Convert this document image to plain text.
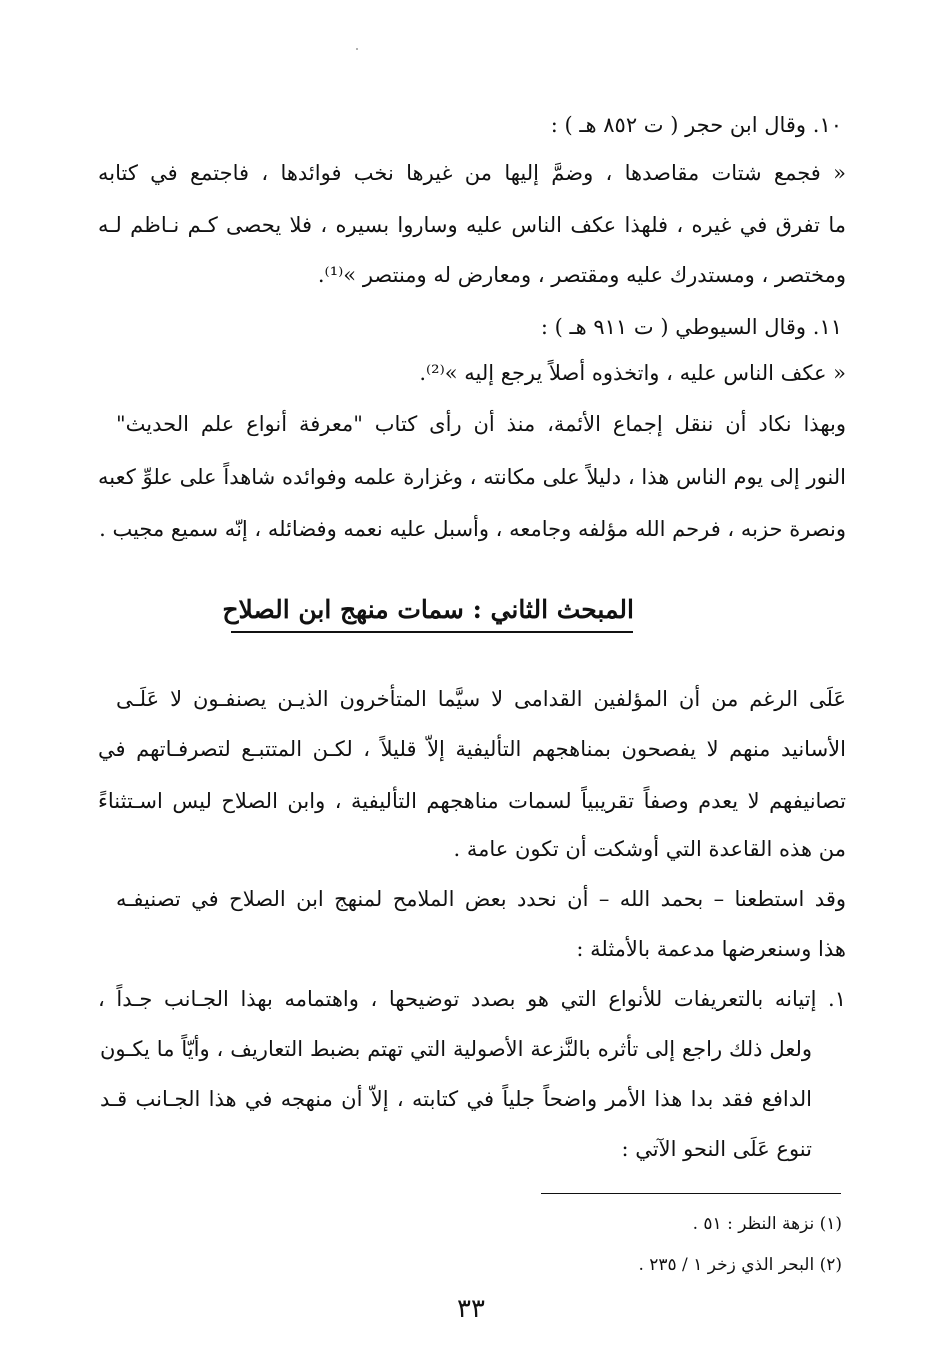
١٠. وقال ابن حجر ( ت ٨٥٢ هـ ) :
« فجمع شتات مقاصدها ، وضمَّ إليها من غيرها نخب فوائدها ، فاجتمع في كتابه
ما تفرق في غيره ، فلهذا عكف الناس عليه وساروا بسيره ، فلا يحصى كـم نـاظم لـه
ومختصر ، ومستدرك عليه ومقتصر ، ومعارض له ومنتصر »⁽¹⁾.
١١. وقال السيوطي ( ت ٩١١ هـ ) :
« عكف الناس عليه ، واتخذوه أصلاً يرجع إليه »⁽²⁾.
وبهذا نكاد أن ننقل إجماع الأئمة، منذ أن رأى كتاب "معرفة أنواع علم الحديث"
النور إلى يوم الناس هذا ، دليلاً على مكانته ، وغزارة علمه وفوائده شاهداً على علوِّ كعبه
ونصرة حزبه ، فرحم الله مؤلفه وجامعه ، وأسبل عليه نعمه وفضائله ، إنّه سميع مجيب .
المبحث الثاني : سمات منهج ابن الصلاح
عَلَى الرغم من أن المؤلفين القدامى لا سيَّما المتأخرون الذيـن يصنفـون لا عَلَـى
الأسانيد منهم لا يفصحون بمناهجهم التأليفية إلاّ قليلاً ، لكـن المتتبـع لتصرفـاتهم في
تصانيفهم لا يعدم وصفاً تقريبياً لسمات مناهجهم التأليفية ، وابن الصلاح ليس اسـتثناءً
من هذه القاعدة التي أوشكت أن تكون عامة .
وقد استطعنا – بحمد الله – أن نحدد بعض الملامح لمنهج ابن الصلاح في تصنيفـه
هذا وسنعرضها مدعمة بالأمثلة :
١. إتيانه بالتعريفات للأنواع التي هو بصدد توضيحها ، واهتمامه بهذا الجـانب جـداً ،
ولعل ذلك راجع إلى تأثره بالنَّزعة الأصولية التي تهتم بضبط التعاريف ، وأيّاً ما يكـون
الدافع فقد بدا هذا الأمر واضحاً جلياً في كتابته ، إلاّ أن منهجه في هذا الجـانب قـد
تنوع عَلَى النحو الآتي :
(١) نزهة النظر : ٥١ .
(٢) البحر الذي زخر ١ / ٢٣٥ .
٣٣
